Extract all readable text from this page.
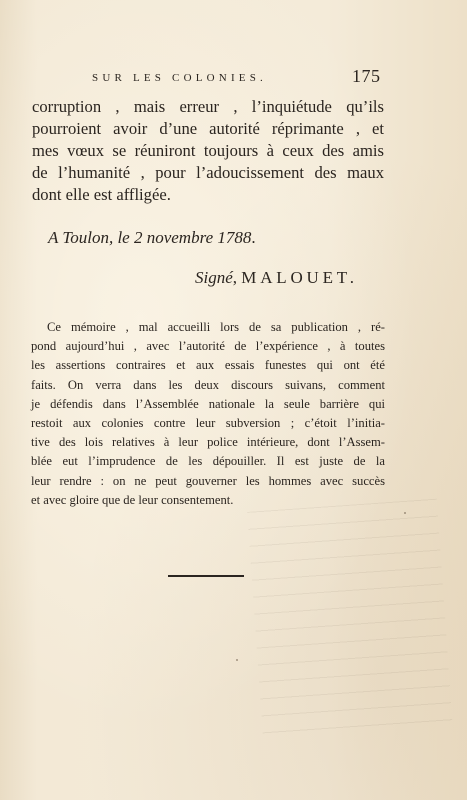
SUR LES COLONIES.	175
corruption , mais erreur , l’inquiétude qu’ils
pourroient avoir d’une autorité réprimante , et
mes vœux se réuniront toujours à ceux des amis
de l’humanité , pour l’adoucissement des maux
dont elle est affligée.
A Toulon, le 2 novembre 1788.
Signé, MALOUET.
Ce mémoire , mal accueilli lors de sa publication , ré-
pond aujourd’hui , avec l’autorité de l’expérience , à toutes
les assertions contraires et aux essais funestes qui ont été
faits. On verra dans les deux discours suivans, comment
je défendis dans l’Assemblée nationale la seule barrière qui
restoit aux colonies contre leur subversion ; c’étoit l’initia-
tive des lois relatives à leur police intérieure, dont l’Assem-
blée eut l’imprudence de les dépouiller. Il est juste de la
leur rendre : on ne peut gouverner les hommes avec succès
et avec gloire que de leur consentement.
